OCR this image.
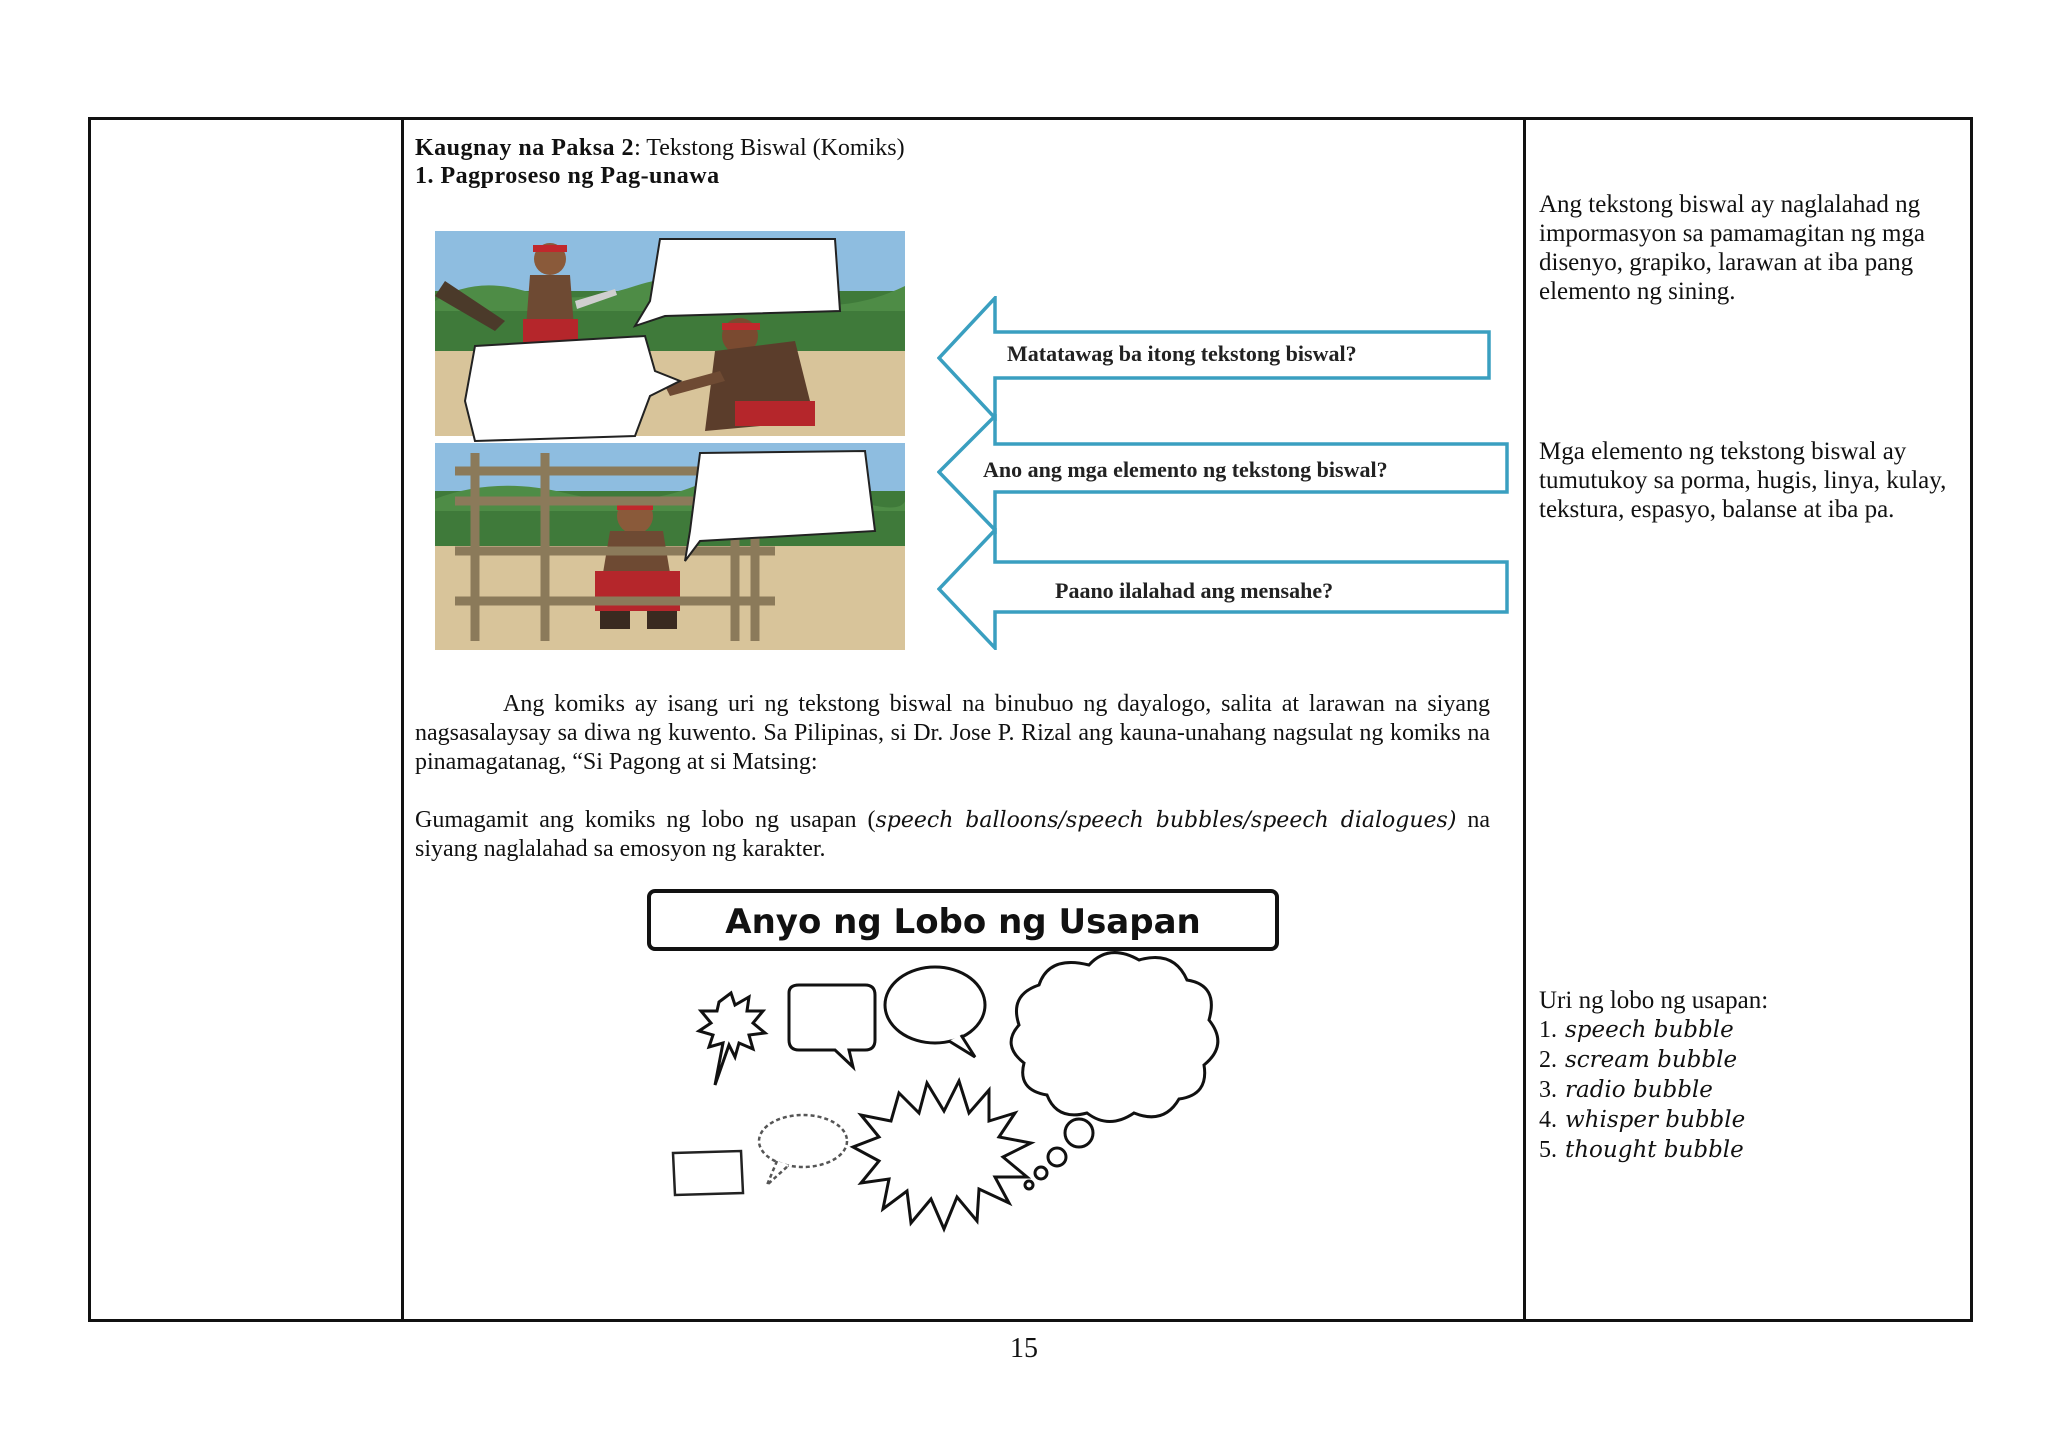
Kaugnay na Paksa 2: Tekstong Biswal (Komiks)
1. Pagproseso ng Pag-unawa
Matatawag ba itong tekstong biswal?
Ano ang mga elemento ng tekstong biswal?
Paano ilalahad ang mensahe?
Ang komiks ay isang uri ng tekstong biswal na binubuo ng dayalogo, salita at larawan na siyang nagsasalaysay sa diwa ng kuwento. Sa Pilipinas, si Dr. Jose P. Rizal ang kauna-unahang nagsulat ng komiks na pinamagatanag, “Si Pagong at si Matsing:
Gumagamit ang komiks ng lobo ng usapan (speech balloons/speech bubbles/speech dialogues) na siyang naglalahad sa emosyon ng karakter.
Anyo ng Lobo ng Usapan

Ang tekstong biswal ay naglalahad ng impormasyon sa pamamagitan ng mga disenyo, grapiko, larawan at iba pang elemento ng sining.

Mga elemento ng tekstong biswal ay tumutukoy sa porma, hugis, linya, kulay, tekstura, espasyo, balanse at iba pa.

Uri ng lobo ng usapan:

1. speech bubble
2. scream bubble
3. radio bubble
4. whisper bubble
5. thought bubble
15
